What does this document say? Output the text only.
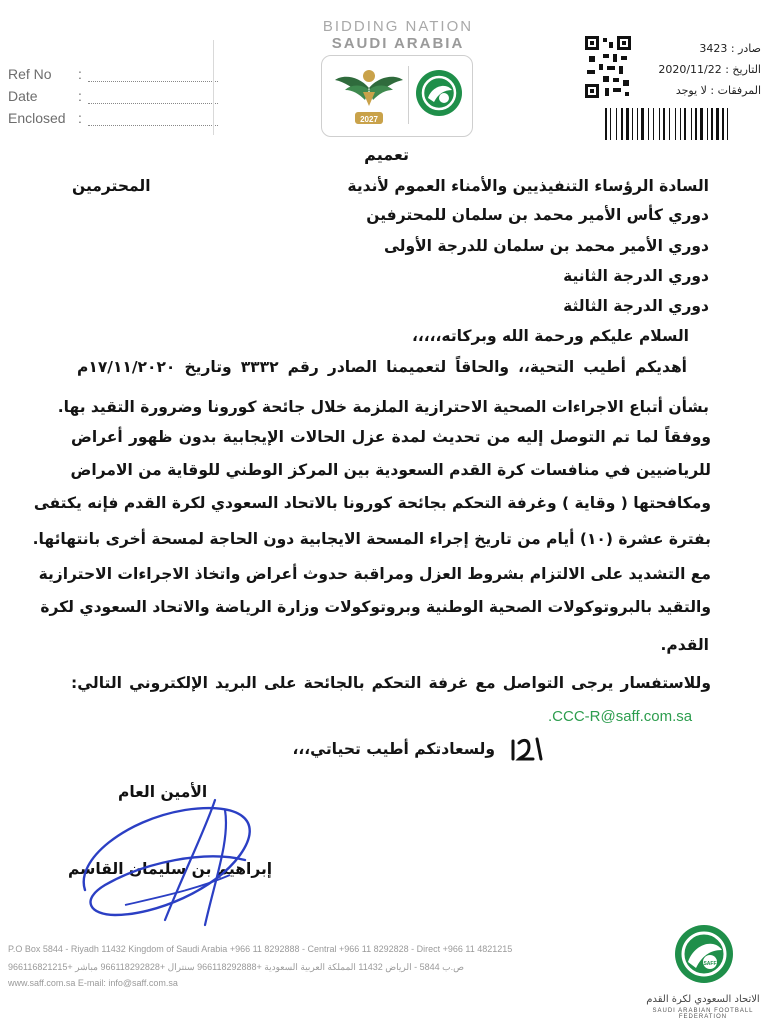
Ref No	:
Date	:
Enclosed :
BIDDING NATION
SAUDI ARABIA
2027
صادر : 3423
التاريخ : 2020/11/22
المرفقات : لا يوجد
تعميم
السادة الرؤساء التنفيذيين والأمناء العموم لأندية
المحترمين
دوري كأس الأمير محمد بن سلمان للمحترفين
دوري الأمير محمد بن سلمان للدرجة الأولى
دوري الدرجة الثانية
دوري الدرجة الثالثة
السلام عليكم ورحمة الله وبركاته،،،،،
أهديكم أطيب التحية،، والحاقاً لتعميمنا الصادر رقم ٣٣٣٢ وتاريخ ١٧/١١/٢٠٢٠م
بشأن أتباع الاجراءات الصحية الاحترازية الملزمة خلال جائحة كورونا وضرورة التقيد بها.
ووفقاً لما تم التوصل إليه من تحديث لمدة عزل الحالات الإيجابية بدون ظهور أعراض
للرياضيين في منافسات كرة القدم السعودية بين المركز الوطني للوقاية من الامراض
ومكافحتها ( وقاية ) وغرفة التحكم بجائحة كورونا بالاتحاد السعودي لكرة القدم فإنه يكتفى
بفترة عشرة (١٠) أيام من تاريخ إجراء المسحة الايجابية دون الحاجة لمسحة أخرى بانتهائها.
مع التشديد على الالتزام بشروط العزل ومراقبة حدوث أعراض واتخاذ الاجراءات الاحترازية
والتقيد بالبروتوكولات الصحية الوطنية وبروتوكولات وزارة الرياضة والاتحاد السعودي لكرة
القدم.
وللاستفسار يرجى التواصل مع غرفة التحكم بالجائحة على البريد الإلكتروني التالي:
.CCC-R@saff.com.sa
ولسعادتكم أطيب تحياتي،،،
الأمين العام
إبراهيم بن سليمان القاسم
P.O Box 5844 - Riyadh 11432 Kingdom of Saudi Arabia +966 11 8292888 - Central +966 11 8292828 - Direct +966 11 4821215
ص.ب 5844 - الرياض 11432 المملكة العربية السعودية +966118292888 سنترال +966118292828 مباشر +966116821215
www.saff.com.sa E-mail: info@saff.com.sa
SAFF
الاتحاد السعودي لكرة القدم
SAUDI ARABIAN FOOTBALL FEDERATION
